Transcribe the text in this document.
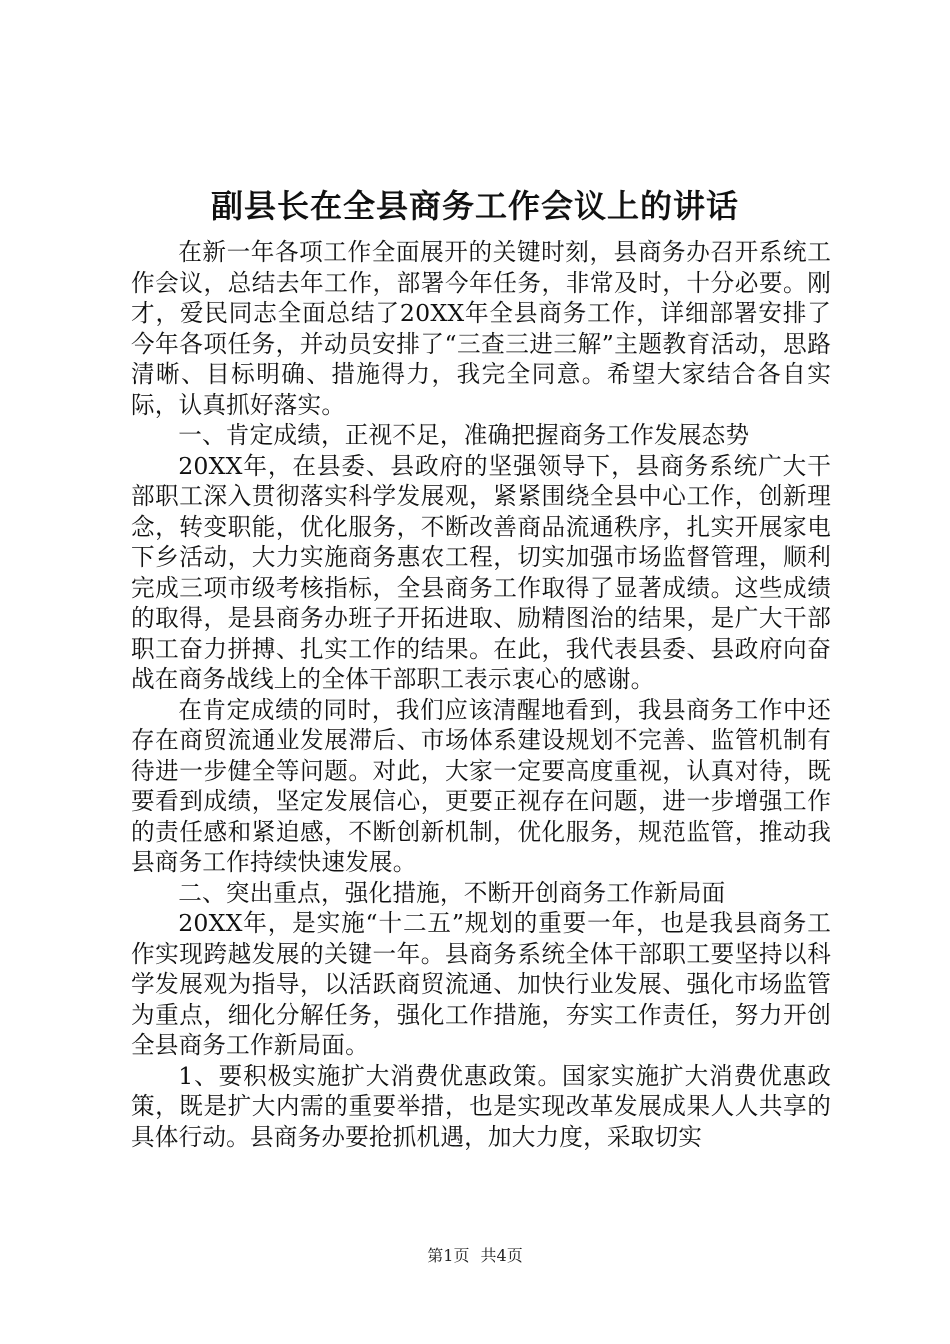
副县长在全县商务工作会议上的讲话

在新一年各项工作全面展开的关键时刻，县商务办召开系统工作会议，总结去年工作，部署今年任务，非常及时，十分必要。刚才，爱民同志全面总结了20XX年全县商务工作，详细部署安排了今年各项任务，并动员安排了“三查三进三解”主题教育活动，思路清晰、目标明确、措施得力，我完全同意。希望大家结合各自实际，认真抓好落实。

一、肯定成绩，正视不足，准确把握商务工作发展态势

20XX年，在县委、县政府的坚强领导下，县商务系统广大干部职工深入贯彻落实科学发展观，紧紧围绕全县中心工作，创新理念，转变职能，优化服务，不断改善商品流通秩序，扎实开展家电下乡活动，大力实施商务惠农工程，切实加强市场监督管理，顺利完成三项市级考核指标，全县商务工作取得了显著成绩。这些成绩的取得，是县商务办班子开拓进取、励精图治的结果，是广大干部职工奋力拼搏、扎实工作的结果。在此，我代表县委、县政府向奋战在商务战线上的全体干部职工表示衷心的感谢。

在肯定成绩的同时，我们应该清醒地看到，我县商务工作中还存在商贸流通业发展滞后、市场体系建设规划不完善、监管机制有待进一步健全等问题。对此，大家一定要高度重视，认真对待，既要看到成绩，坚定发展信心，更要正视存在问题，进一步增强工作的责任感和紧迫感，不断创新机制，优化服务，规范监管，推动我县商务工作持续快速发展。

二、突出重点，强化措施，不断开创商务工作新局面

20XX年，是实施“十二五”规划的重要一年，也是我县商务工作实现跨越发展的关键一年。县商务系统全体干部职工要坚持以科学发展观为指导，以活跃商贸流通、加快行业发展、强化市场监管为重点，细化分解任务，强化工作措施，夯实工作责任，努力开创全县商务工作新局面。

1、要积极实施扩大消费优惠政策。国家实施扩大消费优惠政策，既是扩大内需的重要举措，也是实现改革发展成果人人共享的具体行动。县商务办要抢抓机遇，加大力度，采取切实

第1页 共4页
